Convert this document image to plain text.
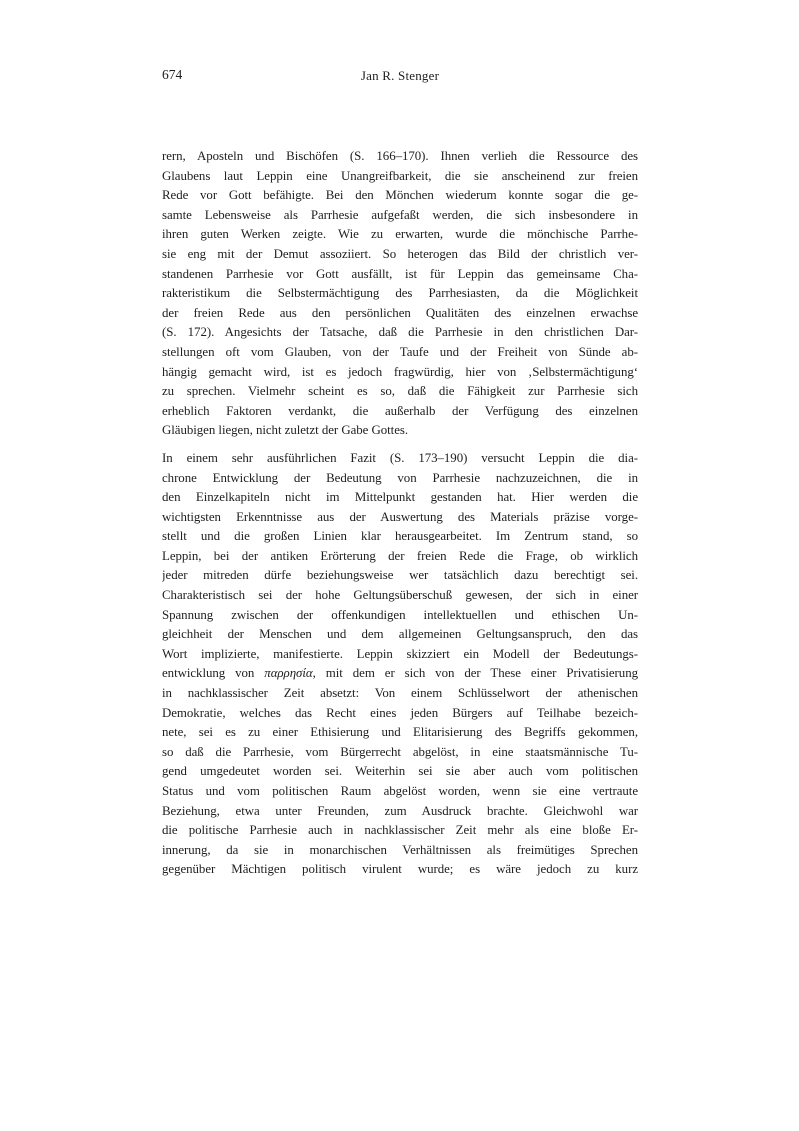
674	Jan R. Stenger
rern, Aposteln und Bischöfen (S. 166–170). Ihnen verlieh die Ressource des
Glaubens laut Leppin eine Unangreifbarkeit, die sie anscheinend zur freien
Rede vor Gott befähigte. Bei den Mönchen wiederum konnte sogar die ge-
samte Lebensweise als Parrhesie aufgefaßt werden, die sich insbesondere in
ihren guten Werken zeigte. Wie zu erwarten, wurde die mönchische Parrhe-
sie eng mit der Demut assoziiert. So heterogen das Bild der christlich ver-
standenen Parrhesie vor Gott ausfällt, ist für Leppin das gemeinsame Cha-
rakteristikum die Selbstermächtigung des Parrhesiasten, da die Möglichkeit
der freien Rede aus den persönlichen Qualitäten des einzelnen erwachse
(S. 172). Angesichts der Tatsache, daß die Parrhesie in den christlichen Dar-
stellungen oft vom Glauben, von der Taufe und der Freiheit von Sünde ab-
hängig gemacht wird, ist es jedoch fragwürdig, hier von ‚Selbstermächtigung‘
zu sprechen. Vielmehr scheint es so, daß die Fähigkeit zur Parrhesie sich
erheblich Faktoren verdankt, die außerhalb der Verfügung des einzelnen
Gläubigen liegen, nicht zuletzt der Gabe Gottes.
In einem sehr ausführlichen Fazit (S. 173–190) versucht Leppin die dia-
chrone Entwicklung der Bedeutung von Parrhesie nachzuzeichnen, die in
den Einzelkapiteln nicht im Mittelpunkt gestanden hat. Hier werden die
wichtigsten Erkenntnisse aus der Auswertung des Materials präzise vorge-
stellt und die großen Linien klar herausgearbeitet. Im Zentrum stand, so
Leppin, bei der antiken Erörterung der freien Rede die Frage, ob wirklich
jeder mitreden dürfe beziehungsweise wer tatsächlich dazu berechtigt sei.
Charakteristisch sei der hohe Geltungsüberschuß gewesen, der sich in einer
Spannung zwischen der offenkundigen intellektuellen und ethischen Un-
gleichheit der Menschen und dem allgemeinen Geltungsanspruch, den das
Wort implizierte, manifestierte. Leppin skizziert ein Modell der Bedeutungs-
entwicklung von παρρησία, mit dem er sich von der These einer Privatisierung
in nachklassischer Zeit absetzt: Von einem Schlüsselwort der athenischen
Demokratie, welches das Recht eines jeden Bürgers auf Teilhabe bezeich-
nete, sei es zu einer Ethisierung und Elitarisierung des Begriffs gekommen,
so daß die Parrhesie, vom Bürgerrecht abgelöst, in eine staatsmännische Tu-
gend umgedeutet worden sei. Weiterhin sei sie aber auch vom politischen
Status und vom politischen Raum abgelöst worden, wenn sie eine vertraute
Beziehung, etwa unter Freunden, zum Ausdruck brachte. Gleichwohl war
die politische Parrhesie auch in nachklassischer Zeit mehr als eine bloße Er-
innerung, da sie in monarchischen Verhältnissen als freimütiges Sprechen
gegenüber Mächtigen politisch virulent wurde; es wäre jedoch zu kurz
